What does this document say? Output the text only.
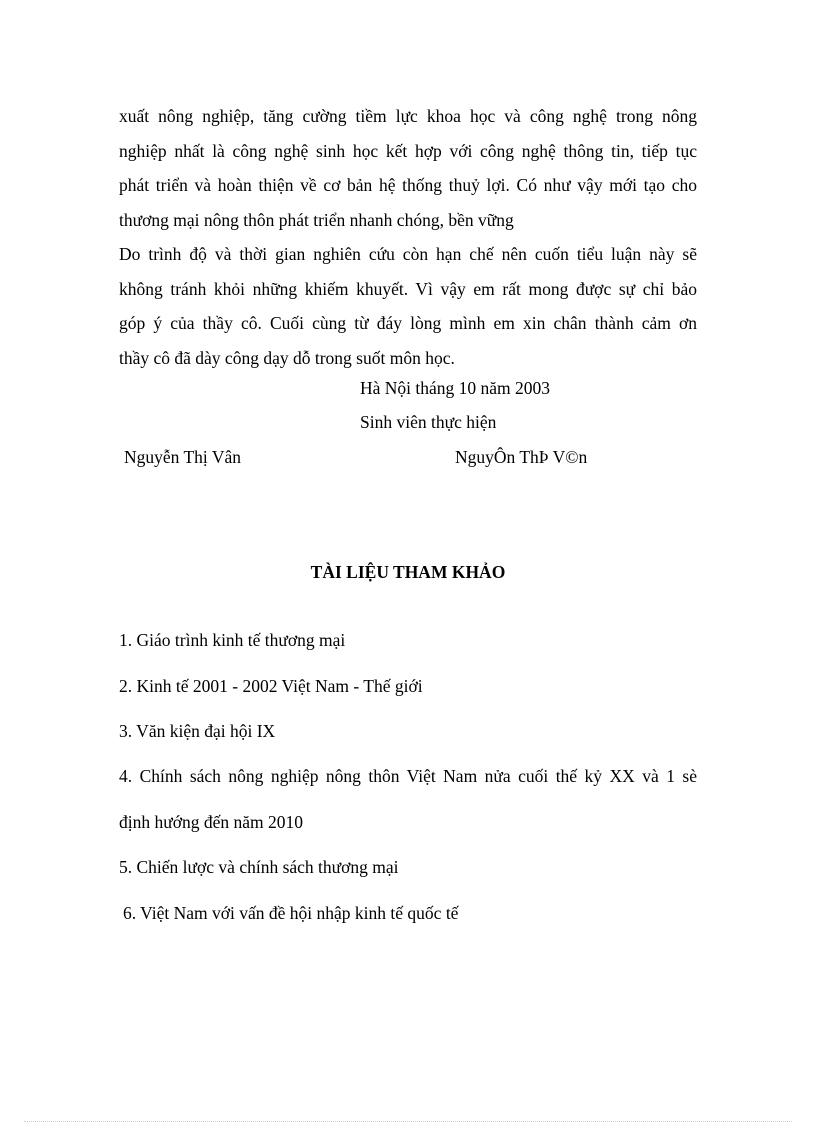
xuất nông nghiệp, tăng cường tiềm lực khoa học và công nghệ trong nông
nghiệp nhất là công nghệ sinh học kết hợp với công nghệ thông tin, tiếp tục
phát triển và hoàn thiện về cơ bản hệ thống thuỷ lợi. Có như vậy mới tạo cho
thương mại nông thôn phát triển nhanh chóng, bền vững
Do trình độ và thời gian nghiên cứu còn hạn chế nên cuốn tiểu luận này sẽ
không tránh khỏi những khiếm khuyết. Vì vậy em rất mong được sự chỉ bảo
góp ý của thầy cô. Cuối cùng từ đáy lòng mình em xin chân thành cảm ơn
thầy cô đã dày công dạy dỗ trong suốt môn học.
Hà Nội tháng 10 năm 2003
Sinh viên thực hiện
Nguyễn Thị Vân	NguyÔn ThÞ V©n
TÀI LIỆU THAM KHẢO
1. Giáo trình kinh tế thương mại
2. Kinh tế 2001 - 2002 Việt Nam - Thế giới
3. Văn kiện đại hội IX
4. Chính sách nông nghiệp nông thôn Việt Nam nửa cuối thế kỷ XX và 1 sè
định hướng đến năm 2010
5. Chiến lược và chính sách thương mại
6. Việt Nam với vấn đề hội nhập kinh tế quốc tế
